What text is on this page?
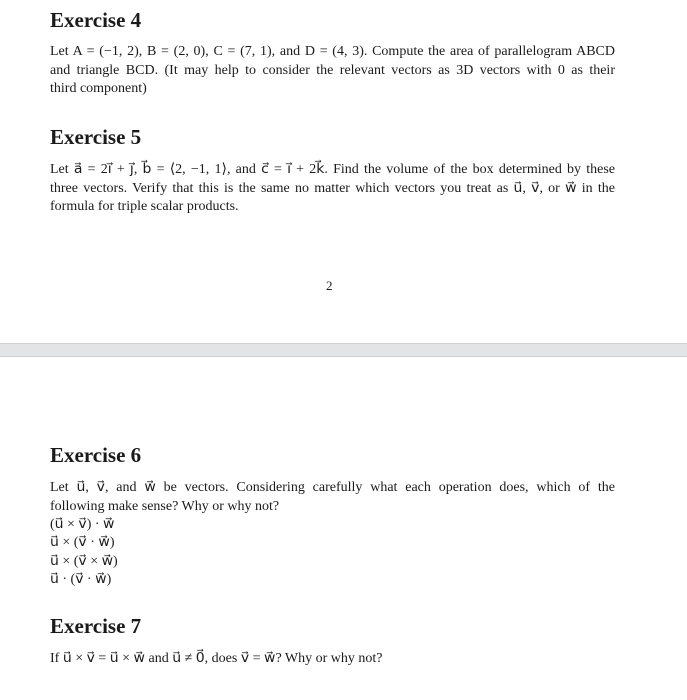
Exercise 4
Let A = (−1, 2), B = (2, 0), C = (7, 1), and D = (4, 3). Compute the area of parallelogram ABCD
and triangle BCD. (It may help to consider the relevant vectors as 3D vectors with 0 as their
third component)
Exercise 5
Let a⃗ = 2i⃗ + j⃗, b⃗ = ⟨2, −1, 1⟩, and c⃗ = i⃗ + 2k⃗. Find the volume of the box determined by these
three vectors. Verify that this is the same no matter which vectors you treat as u⃗, v⃗, or w⃗ in the
formula for triple scalar products.
2
Exercise 6
Let u⃗, v⃗, and w⃗ be vectors. Considering carefully what each operation does, which of the
following make sense? Why or why not?
(u⃗ × v⃗) · w⃗
u⃗ × (v⃗ · w⃗)
u⃗ × (v⃗ × w⃗)
u⃗ · (v⃗ · w⃗)
Exercise 7
If u⃗ × v⃗ = u⃗ × w⃗ and u⃗ ≠ 0⃗, does v⃗ = w⃗? Why or why not?
